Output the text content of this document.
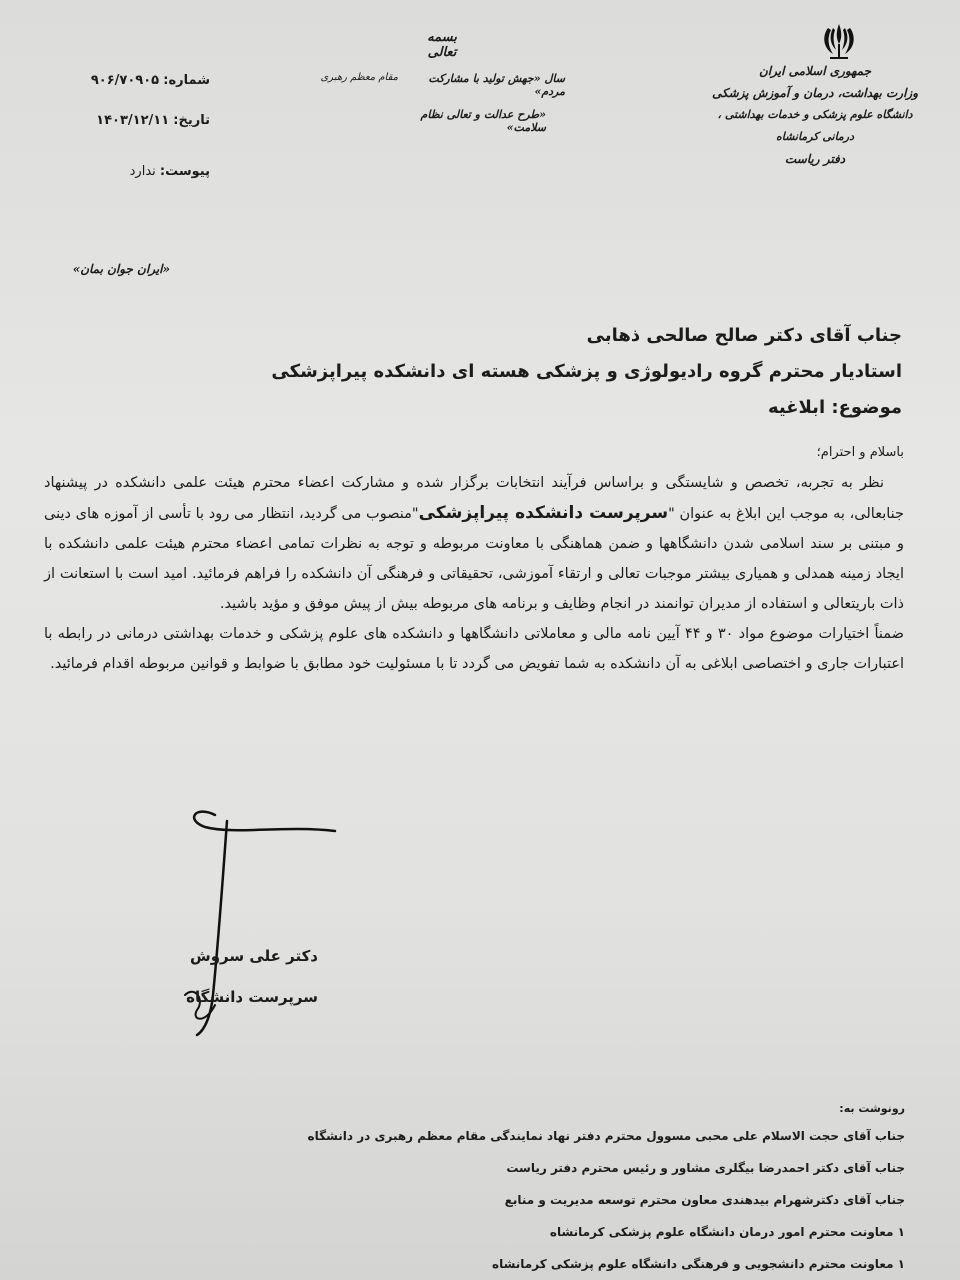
جمهوری اسلامی ایران
وزارت بهداشت، درمان و آموزش پزشکی
دانشگاه علوم پزشکی و خدمات بهداشتی ، درمانی کرمانشاه
دفتر ریاست
بسمه تعالی
سال «جهش تولید با مشارکت مردم»
مقام معظم رهبری
«طرح عدالت و تعالی نظام سلامت»
شماره: ۹۰۶/۷۰۹۰۵
تاریخ: ۱۴۰۳/۱۲/۱۱
پیوست: ندارد
«ایران جوان بمان»
جناب آقای دکتر صالح صالحی ذهابی
استادیار محترم گروه رادیولوژی و پزشکی هسته ای دانشکده پیراپزشکی
موضوع: ابلاغیه

باسلام و احترام؛

نظر به تجربه، تخصص و شایستگی و براساس فرآیند انتخابات برگزار شده و مشارکت اعضاء محترم هیئت علمی دانشکده در پیشنهاد جنابعالی، به موجب این ابلاغ به عنوان "سرپرست دانشکده پیراپزشکی"منصوب می گردید، انتظار می رود با تأسی از آموزه های دینی و مبتنی بر سند اسلامی شدن دانشگاهها و ضمن هماهنگی با معاونت مربوطه و توجه به نظرات تمامی اعضاء محترم هیئت علمی دانشکده با ایجاد زمینه همدلی و همیاری بیشتر موجبات تعالی و ارتقاء آموزشی، تحقیقاتی و فرهنگی آن دانشکده را فراهم فرمائید. امید است با استعانت از ذات باریتعالی و استفاده از مدیران توانمند در انجام وظایف و برنامه های مربوطه بیش از پیش موفق و مؤید باشید.

ضمناً اختیارات موضوع مواد ۳۰ و ۴۴ آیین نامه مالی و معاملاتی دانشگاهها و دانشکده های علوم پزشکی و خدمات بهداشتی درمانی در رابطه با اعتبارات جاری و اختصاصی ابلاغی به آن دانشکده به شما تفویض می گردد تا با مسئولیت خود مطابق با ضوابط و قوانین مربوطه اقدام فرمائید.

دکتر علی سروش
سرپرست دانشگاه
رونوشت به:
جناب آقای حجت الاسلام علی محبی مسوول محترم دفتر نهاد نمایندگی مقام معظم رهبری در دانشگاه
جناب آقای دکتر احمدرضا بیگلری مشاور و رئیس محترم دفتر ریاست
جناب آقای دکترشهرام بیدهندی معاون محترم توسعه مدیریت و منابع
۱ معاونت محترم امور درمان دانشگاه علوم پزشکی کرمانشاه
۱ معاونت محترم دانشجویی و فرهنگی دانشگاه علوم پزشکی کرمانشاه
